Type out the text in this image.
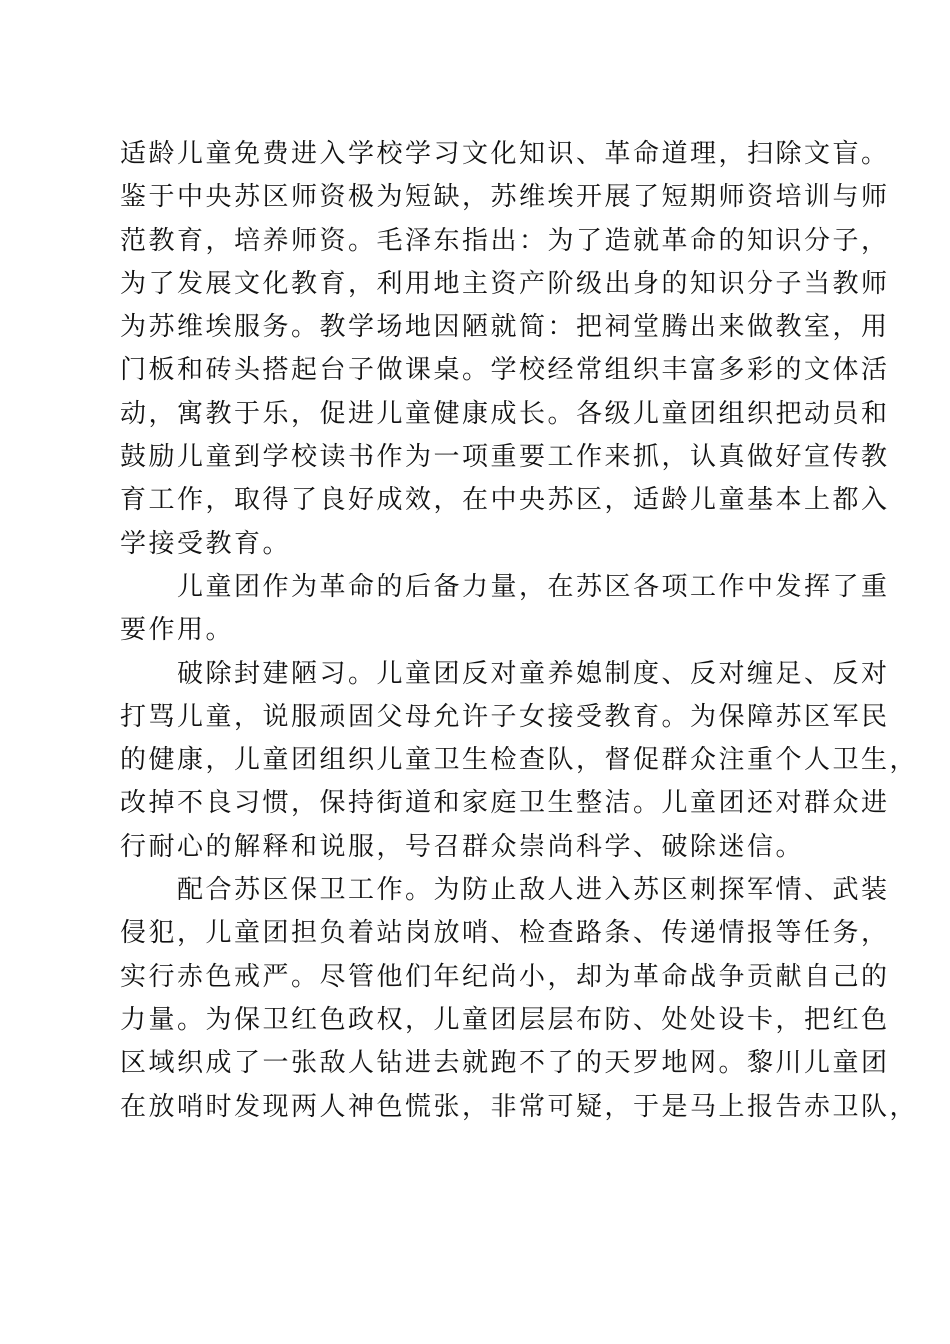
适龄儿童免费进入学校学习文化知识、革命道理，扫除文盲。
鉴于中央苏区师资极为短缺，苏维埃开展了短期师资培训与师
范教育，培养师资。毛泽东指出：为了造就革命的知识分子，
为了发展文化教育，利用地主资产阶级出身的知识分子当教师
为苏维埃服务。教学场地因陋就简：把祠堂腾出来做教室，用
门板和砖头搭起台子做课桌。学校经常组织丰富多彩的文体活
动，寓教于乐，促进儿童健康成长。各级儿童团组织把动员和
鼓励儿童到学校读书作为一项重要工作来抓，认真做好宣传教
育工作，取得了良好成效，在中央苏区，适龄儿童基本上都入
学接受教育。
　　儿童团作为革命的后备力量，在苏区各项工作中发挥了重
要作用。
　　破除封建陋习。儿童团反对童养媳制度、反对缠足、反对
打骂儿童，说服顽固父母允许子女接受教育。为保障苏区军民
的健康，儿童团组织儿童卫生检查队，督促群众注重个人卫生，
改掉不良习惯，保持街道和家庭卫生整洁。儿童团还对群众进
行耐心的解释和说服，号召群众崇尚科学、破除迷信。
　　配合苏区保卫工作。为防止敌人进入苏区刺探军情、武装
侵犯，儿童团担负着站岗放哨、检查路条、传递情报等任务，
实行赤色戒严。尽管他们年纪尚小，却为革命战争贡献自己的
力量。为保卫红色政权，儿童团层层布防、处处设卡，把红色
区域织成了一张敌人钻进去就跑不了的天罗地网。黎川儿童团
在放哨时发现两人神色慌张，非常可疑，于是马上报告赤卫队，
